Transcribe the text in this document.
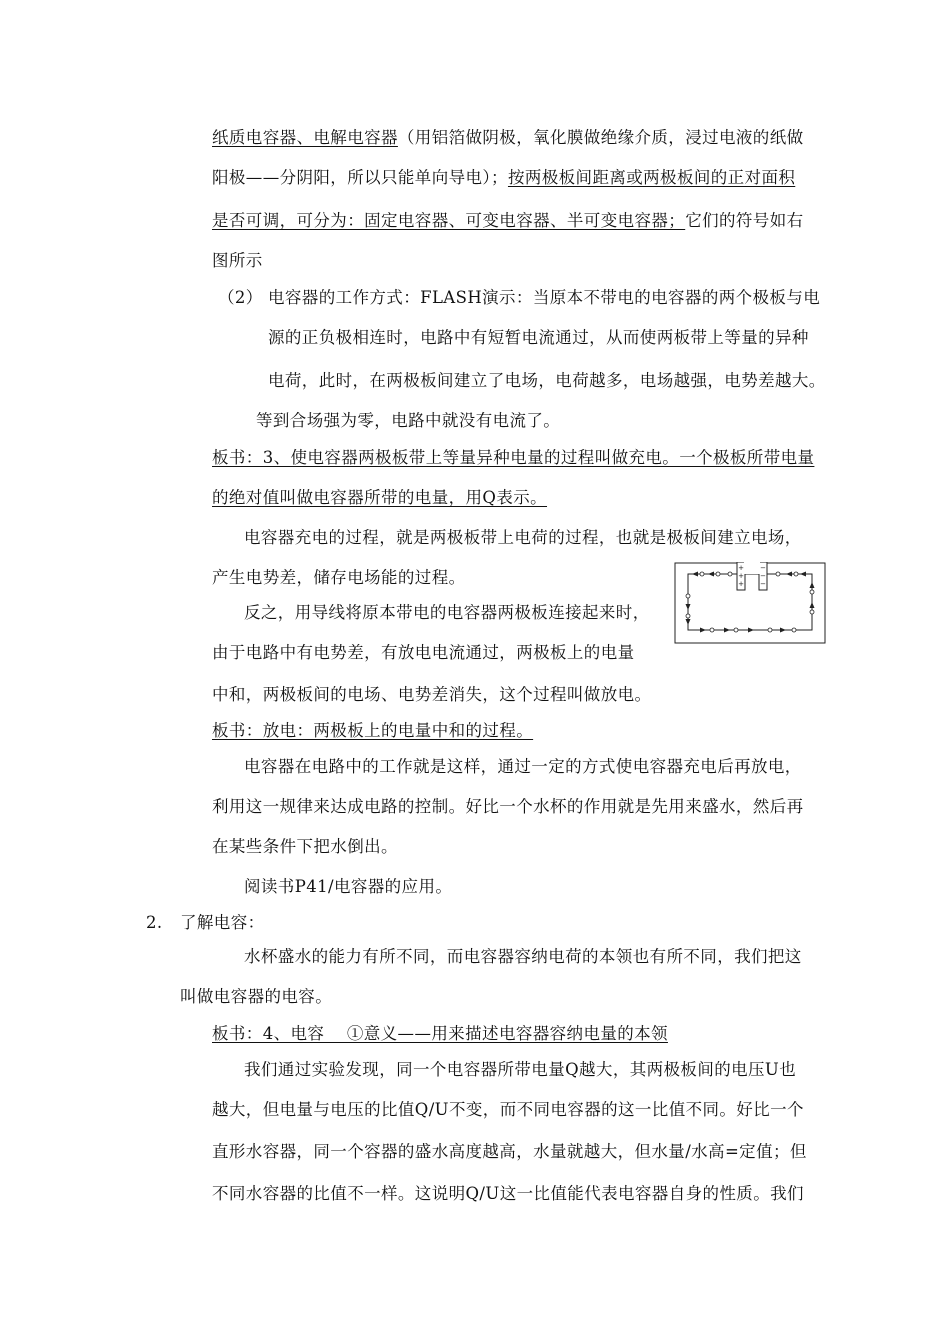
纸质电容器、电解电容器（用铝箔做阴极，氧化膜做绝缘介质，浸过电液的纸做
阳极——分阴阳，所以只能单向导电）；按两极板间距离或两极板间的正对面积
是否可调，可分为：固定电容器、可变电容器、半可变电容器；它们的符号如右
图所示
（2） 电容器的工作方式：FLASH演示：当原本不带电的电容器的两个极板与电
源的正负极相连时，电路中有短暂电流通过，从而使两板带上等量的异种
电荷，此时，在两极板间建立了电场，电荷越多，电场越强，电势差越大。
等到合场强为零，电路中就没有电流了。
板书：3、使电容器两极板带上等量异种电量的过程叫做充电。一个极板所带电量
的绝对值叫做电容器所带的电量，用Q表示。
电容器充电的过程，就是两极板带上电荷的过程，也就是极板间建立电场，
产生电势差，储存电场能的过程。
反之，用导线将原本带电的电容器两极板连接起来时，
由于电路中有电势差，有放电电流通过，两极板上的电量
中和，两极板间的电场、电势差消失，这个过程叫做放电。
+
+
+
−
−
−
板书：放电：两极板上的电量中和的过程。
电容器在电路中的工作就是这样，通过一定的方式使电容器充电后再放电，
利用这一规律来达成电路的控制。好比一个水杯的作用就是先用来盛水，然后再
在某些条件下把水倒出。
阅读书P41/电容器的应用。
2. 了解电容：
水杯盛水的能力有所不同，而电容器容纳电荷的本领也有所不同，我们把这
叫做电容器的电容。
板书：4、电容　 ①意义——用来描述电容器容纳电量的本领
我们通过实验发现，同一个电容器所带电量Q越大，其两极板间的电压U也
越大，但电量与电压的比值Q/U不变，而不同电容器的这一比值不同。好比一个
直形水容器，同一个容器的盛水高度越高，水量就越大，但水量/水高=定值；但
不同水容器的比值不一样。这说明Q/U这一比值能代表电容器自身的性质。我们
